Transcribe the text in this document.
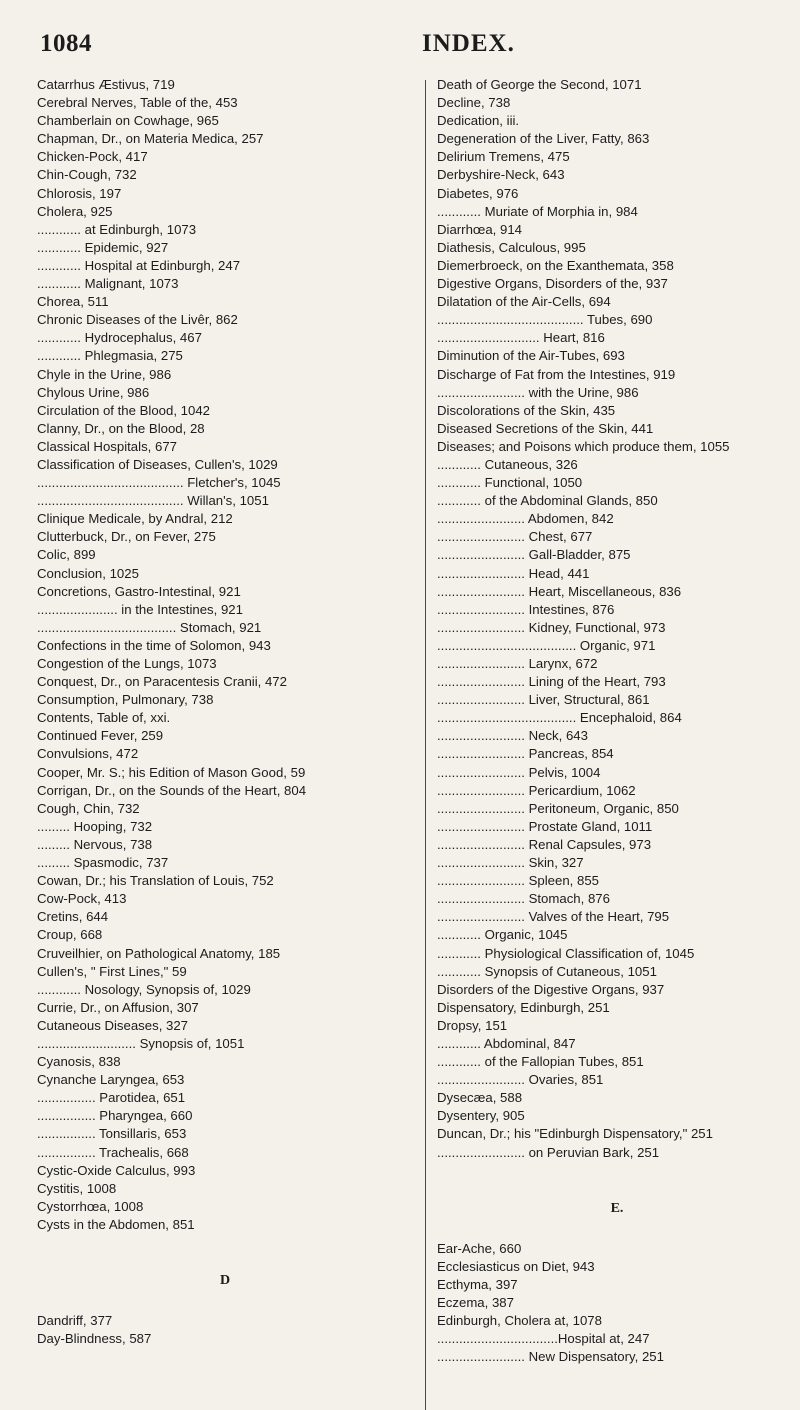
1084	INDEX.
Catarrhus Æstivus, 719
Cerebral Nerves, Table of the, 453
Chamberlain on Cowhage, 965
Chapman, Dr., on Materia Medica, 257
Chicken-Pock, 417
Chin-Cough, 732
Chlorosis, 197
Cholera, 925
............ at Edinburgh, 1073
............ Epidemic, 927
............ Hospital at Edinburgh, 247
............ Malignant, 1073
Chorea, 511
Chronic Diseases of the Livêr, 862
............ Hydrocephalus, 467
............ Phlegmasia, 275
Chyle in the Urine, 986
Chylous Urine, 986
Circulation of the Blood, 1042
Clanny, Dr., on the Blood, 28
Classical Hospitals, 677
Classification of Diseases, Cullen's, 1029
........................................ Fletcher's, 1045
........................................ Willan's, 1051
Clinique Medicale, by Andral, 212
Clutterbuck, Dr., on Fever, 275
Colic, 899
Conclusion, 1025
Concretions, Gastro-Intestinal, 921
...................... in the Intestines, 921
...................................... Stomach, 921
Confections in the time of Solomon, 943
Congestion of the Lungs, 1073
Conquest, Dr., on Paracentesis Cranii, 472
Consumption, Pulmonary, 738
Contents, Table of, xxi.
Continued Fever, 259
Convulsions, 472
Cooper, Mr. S.; his Edition of Mason Good, 59
Corrigan, Dr., on the Sounds of the Heart, 804
Cough, Chin, 732
......... Hooping, 732
......... Nervous, 738
......... Spasmodic, 737
Cowan, Dr.; his Translation of Louis, 752
Cow-Pock, 413
Cretins, 644
Croup, 668
Cruveilhier, on Pathological Anatomy, 185
Cullen's, " First Lines," 59
............ Nosology, Synopsis of, 1029
Currie, Dr., on Affusion, 307
Cutaneous Diseases, 327
........................... Synopsis of, 1051
Cyanosis, 838
Cynanche Laryngea, 653
................ Parotidea, 651
................ Pharyngea, 660
................ Tonsillaris, 653
................ Trachealis, 668
Cystic-Oxide Calculus, 993
Cystitis, 1008
Cystorrhœa, 1008
Cysts in the Abdomen, 851
D
Dandriff, 377
Day-Blindness, 587
Death of George the Second, 1071
Decline, 738
Dedication, iii.
Degeneration of the Liver, Fatty, 863
Delirium Tremens, 475
Derbyshire-Neck, 643
Diabetes, 976
............ Muriate of Morphia in, 984
Diarrhœa, 914
Diathesis, Calculous, 995
Diemerbroeck, on the Exanthemata, 358
Digestive Organs, Disorders of the, 937
Dilatation of the Air-Cells, 694
........................................ Tubes, 690
............................ Heart, 816
Diminution of the Air-Tubes, 693
Discharge of Fat from the Intestines, 919
........................ with the Urine, 986
Discolorations of the Skin, 435
Diseased Secretions of the Skin, 441
Diseases; and Poisons which produce them, 1055
............ Cutaneous, 326
............ Functional, 1050
............ of the Abdominal Glands, 850
........................ Abdomen, 842
........................ Chest, 677
........................ Gall-Bladder, 875
........................ Head, 441
........................ Heart, Miscellaneous, 836
........................ Intestines, 876
........................ Kidney, Functional, 973
...................................... Organic, 971
........................ Larynx, 672
........................ Lining of the Heart, 793
........................ Liver, Structural, 861
...................................... Encephaloid, 864
........................ Neck, 643
........................ Pancreas, 854
........................ Pelvis, 1004
........................ Pericardium, 1062
........................ Peritoneum, Organic, 850
........................ Prostate Gland, 1011
........................ Renal Capsules, 973
........................ Skin, 327
........................ Spleen, 855
........................ Stomach, 876
........................ Valves of the Heart, 795
............ Organic, 1045
............ Physiological Classification of, 1045
............ Synopsis of Cutaneous, 1051
Disorders of the Digestive Organs, 937
Dispensatory, Edinburgh, 251
Dropsy, 151
............ Abdominal, 847
............ of the Fallopian Tubes, 851
........................ Ovaries, 851
Dysecæa, 588
Dysentery, 905
Duncan, Dr.; his "Edinburgh Dispensatory," 251
........................ on Peruvian Bark, 251
E.
Ear-Ache, 660
Ecclesiasticus on Diet, 943
Ecthyma, 397
Eczema, 387
Edinburgh, Cholera at, 1078
.................................Hospital at, 247
........................ New Dispensatory, 251
